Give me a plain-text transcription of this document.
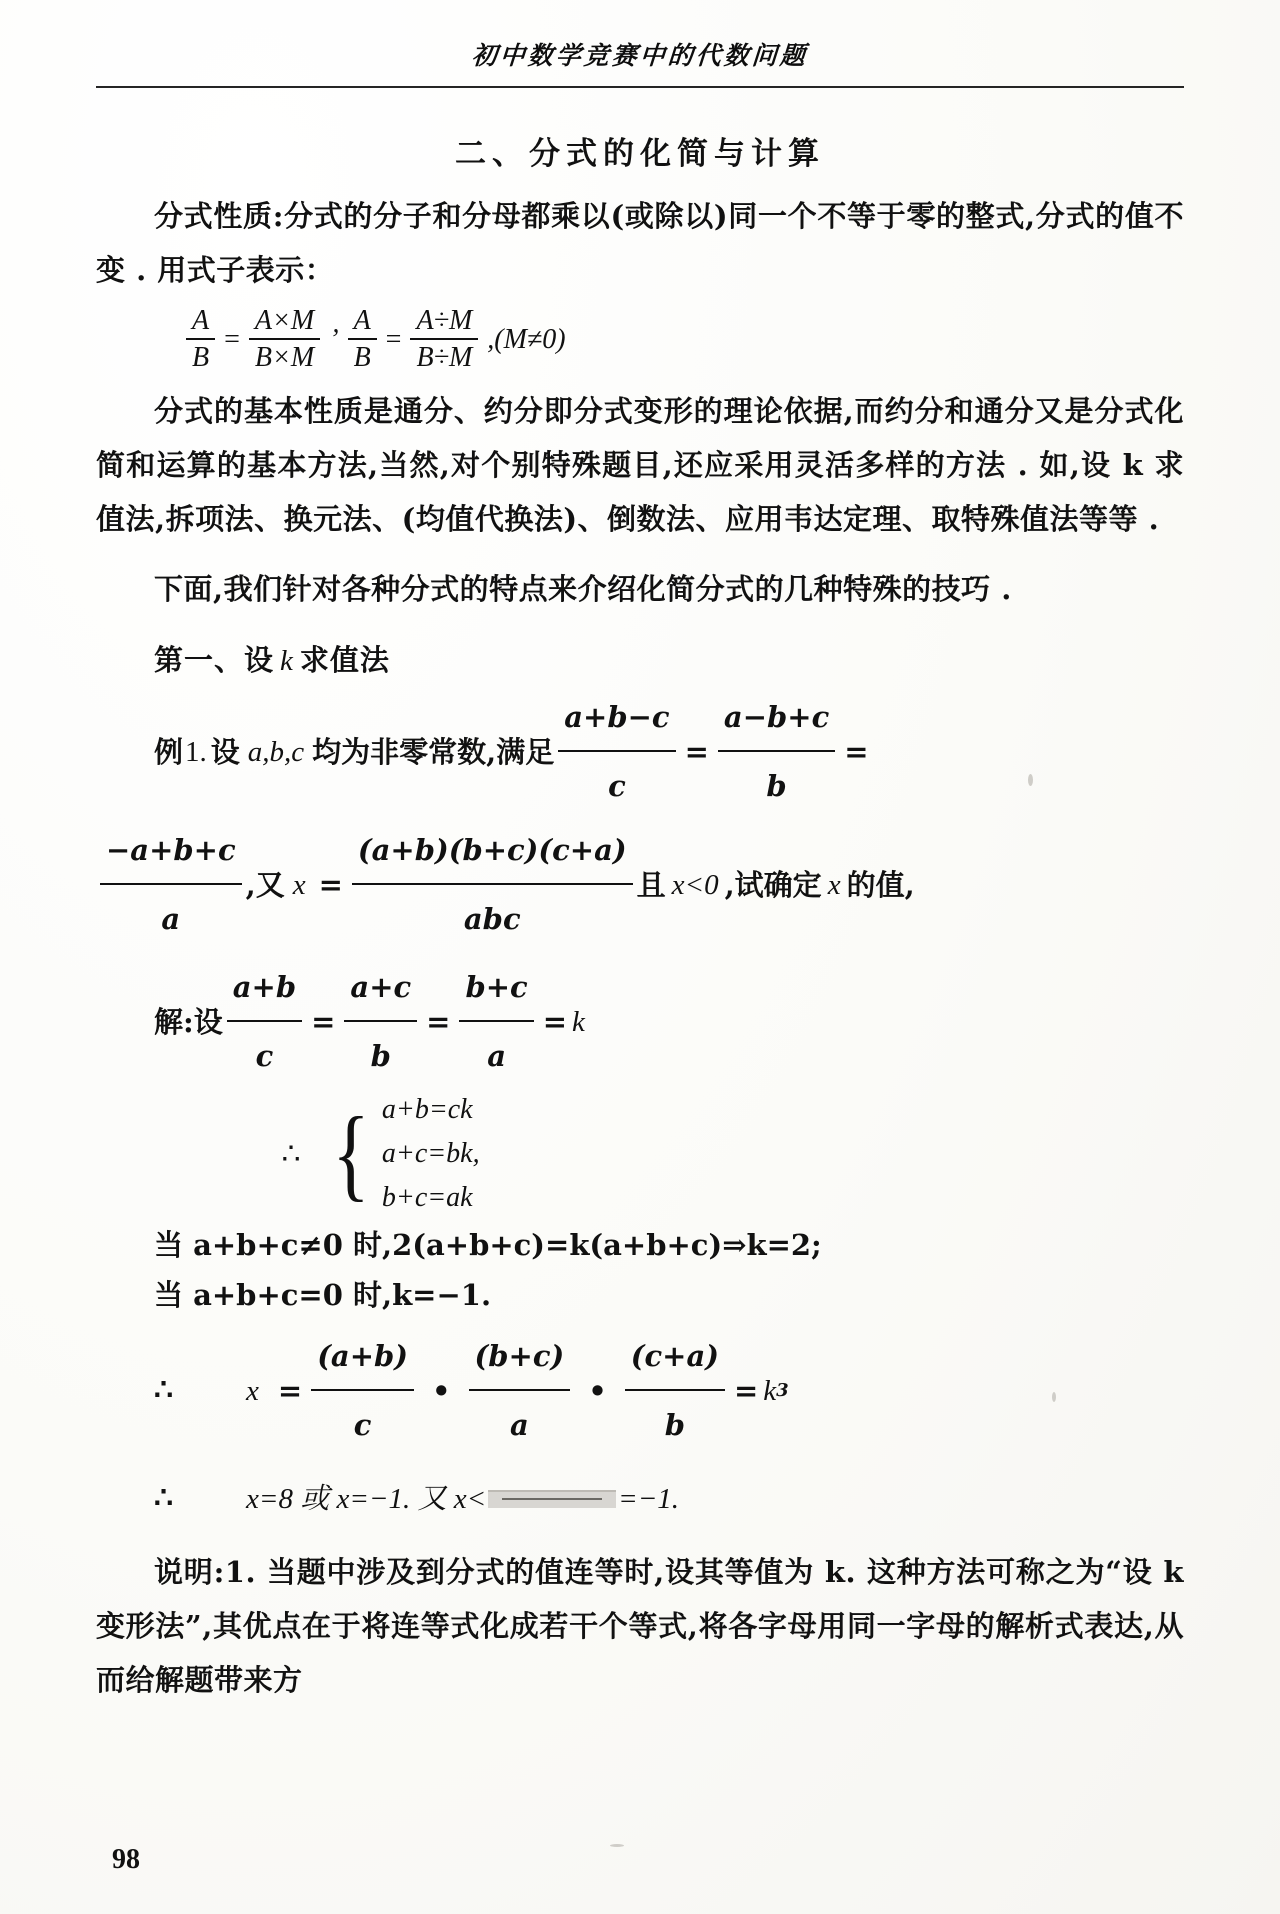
初中数学竞赛中的代数问题
二、分式的化简与计算
分式性质:分式的分子和分母都乘以(或除以)同一个不等于零的整式,分式的值不变 . 用式子表示：
$\frac{A}{B} = \frac{A\times M}{B\times M}$ ’ $\frac{A}{B} = \frac{A\div M}{B\div M} ,(M\ne 0)$
分式的基本性质是通分、约分即分式变形的理论依据,而约分和通分又是分式化简和运算的基本方法,当然,对个别特殊题目,还应采用灵活多样的方法 . 如,设 k 求值法,拆项法、换元法、(均值代换法)、倒数法、应用韦达定理、取特殊值法等等 .
下面,我们针对各种分式的特点来介绍化简分式的几种特殊的技巧 .
第一、设 k 求值法
例 1. 设 a,b,c 均为非零常数,满足 $\frac{a+b-c}{c} = \frac{a-b+c}{b}$ =
$\frac{-a+b+c}{a}$ ,又 $x = \frac{(a+b)(b+c)(c+a)}{\text{abc}}$ 且 x<0 ,试确定 x 的值,
解 :设 $\frac{a+b}{c} = \frac{a+c}{b} = \frac{b+c}{a} = k$
∴ { a+b=ck
a+c=bk,
b+c=ak
当 a+b+c≠0 时,2(a+b+c)=k(a+b+c)⇒k=2;
当 a+b+c=0 时,k=−1.
∴	$x = \frac{(a+b)}{c}$ • $\frac{(b+c)}{a}$ • $\frac{(c+a)}{b} = k$ 3
∴	x=8 或 x=−1. 又 x<	=−1.
说明:1. 当题中涉及到分式的值连等时,设其等值为 k. 这种方法可称之为“设 k 变形法”,其优点在于将连等式化成若干个等式,将各字母用同一字母的解析式表达,从而给解题带来方
98
